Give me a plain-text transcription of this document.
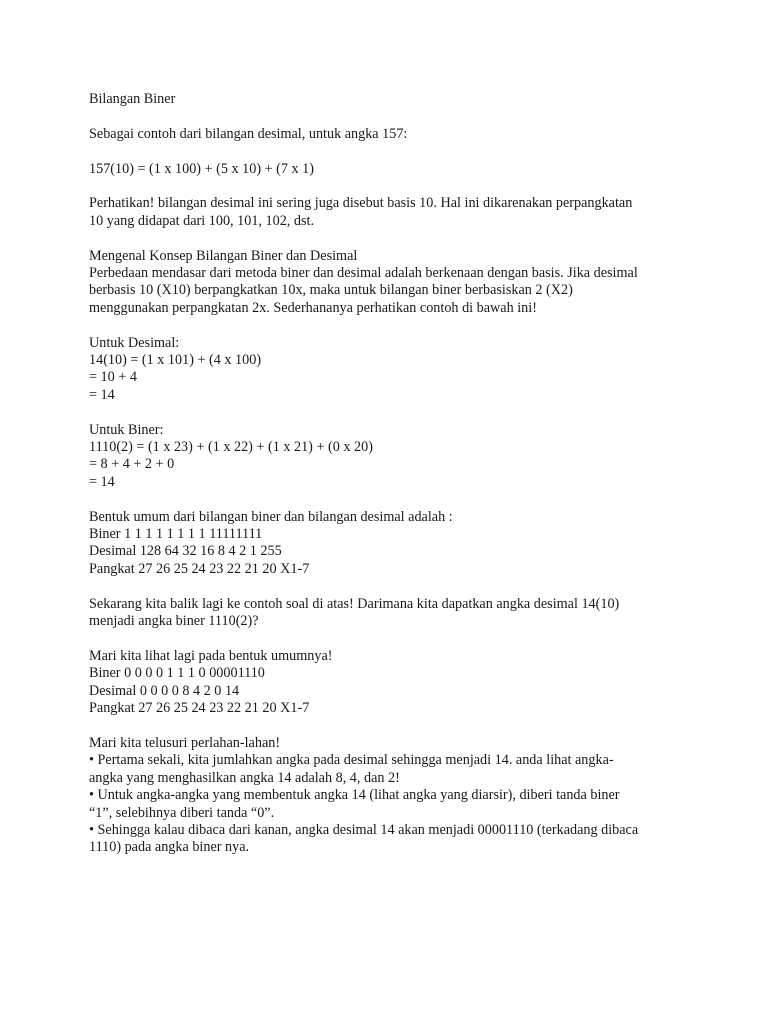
Bilangan Biner
Sebagai contoh dari bilangan desimal, untuk angka 157:
157(10) = (1 x 100) + (5 x 10) + (7 x 1)
Perhatikan! bilangan desimal ini sering juga disebut basis 10. Hal ini dikarenakan perpangkatan
10 yang didapat dari 100, 101, 102, dst.
Mengenal Konsep Bilangan Biner dan Desimal
Perbedaan mendasar dari metoda biner dan desimal adalah berkenaan dengan basis. Jika desimal
berbasis 10 (X10) berpangkatkan 10x, maka untuk bilangan biner berbasiskan 2 (X2)
menggunakan perpangkatan 2x. Sederhananya perhatikan contoh di bawah ini!
Untuk Desimal:
14(10) = (1 x 101) + (4 x 100)
= 10 + 4
= 14
Untuk Biner:
1110(2) = (1 x 23) + (1 x 22) + (1 x 21) + (0 x 20)
= 8 + 4 + 2 + 0
= 14
Bentuk umum dari bilangan biner dan bilangan desimal adalah :
Biner 1 1 1 1 1 1 1 1 11111111
Desimal 128 64 32 16 8 4 2 1 255
Pangkat 27 26 25 24 23 22 21 20 X1-7
Sekarang kita balik lagi ke contoh soal di atas! Darimana kita dapatkan angka desimal 14(10)
menjadi angka biner 1110(2)?
Mari kita lihat lagi pada bentuk umumnya!
Biner 0 0 0 0 1 1 1 0 00001110
Desimal 0 0 0 0 8 4 2 0 14
Pangkat 27 26 25 24 23 22 21 20 X1-7
Mari kita telusuri perlahan-lahan!
• Pertama sekali, kita jumlahkan angka pada desimal sehingga menjadi 14. anda lihat angka-
angka yang menghasilkan angka 14 adalah 8, 4, dan 2!
• Untuk angka-angka yang membentuk angka 14 (lihat angka yang diarsir), diberi tanda biner
“1”, selebihnya diberi tanda “0”.
• Sehingga kalau dibaca dari kanan, angka desimal 14 akan menjadi 00001110 (terkadang dibaca
1110) pada angka biner nya.
